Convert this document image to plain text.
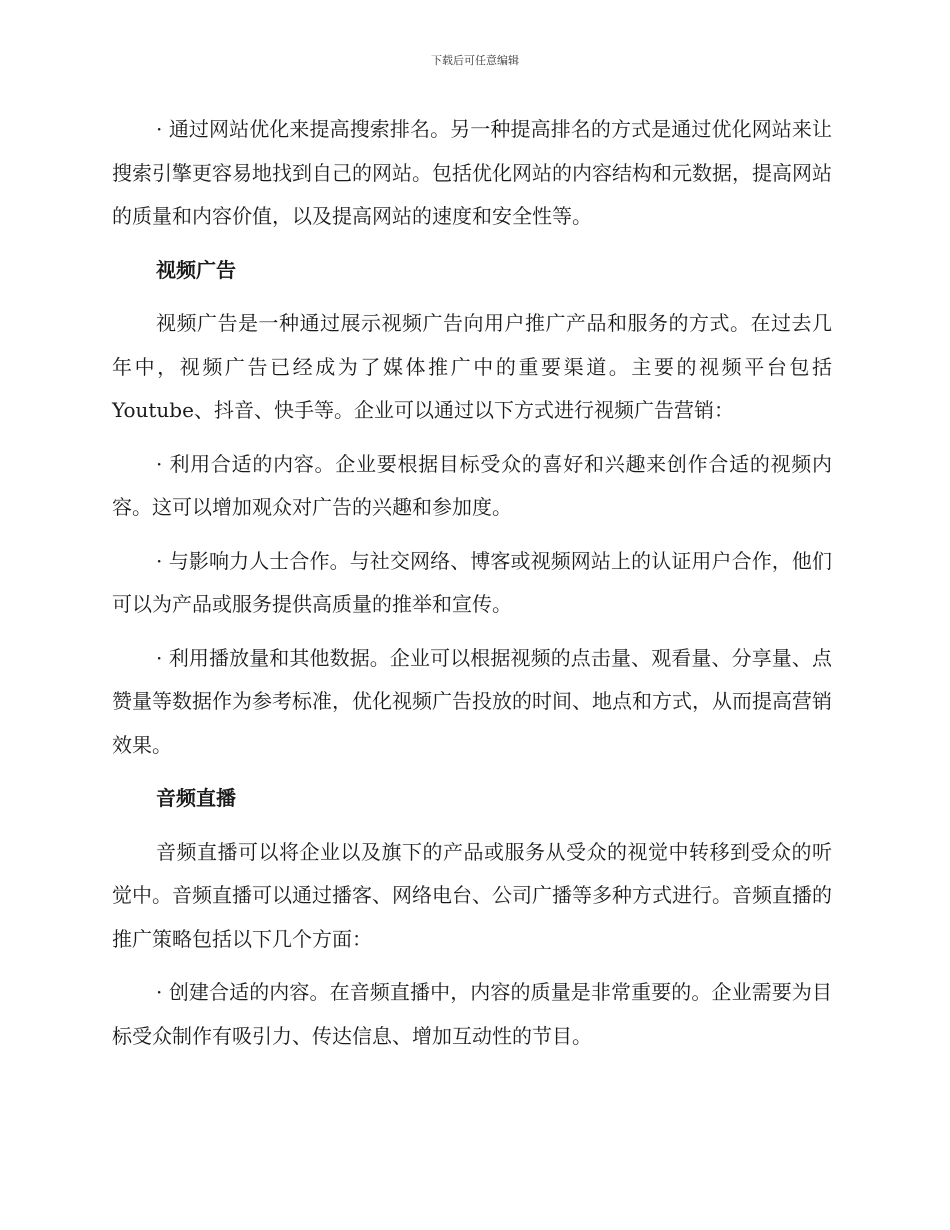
下载后可任意编辑

· 通过网站优化来提高搜索排名。另一种提高排名的方式是通过优化网站来让搜索引擎更容易地找到自己的网站。包括优化网站的内容结构和元数据，提高网站的质量和内容价值，以及提高网站的速度和安全性等。

视频广告

视频广告是一种通过展示视频广告向用户推广产品和服务的方式。在过去几年中，视频广告已经成为了媒体推广中的重要渠道。主要的视频平台包括 Youtube、抖音、快手等。企业可以通过以下方式进行视频广告营销：

· 利用合适的内容。企业要根据目标受众的喜好和兴趣来创作合适的视频内容。这可以增加观众对广告的兴趣和参加度。

· 与影响力人士合作。与社交网络、博客或视频网站上的认证用户合作，他们可以为产品或服务提供高质量的推举和宣传。

· 利用播放量和其他数据。企业可以根据视频的点击量、观看量、分享量、点赞量等数据作为参考标准，优化视频广告投放的时间、地点和方式，从而提高营销效果。

音频直播

音频直播可以将企业以及旗下的产品或服务从受众的视觉中转移到受众的听觉中。音频直播可以通过播客、网络电台、公司广播等多种方式进行。音频直播的推广策略包括以下几个方面：

· 创建合适的内容。在音频直播中，内容的质量是非常重要的。企业需要为目标受众制作有吸引力、传达信息、增加互动性的节目。
